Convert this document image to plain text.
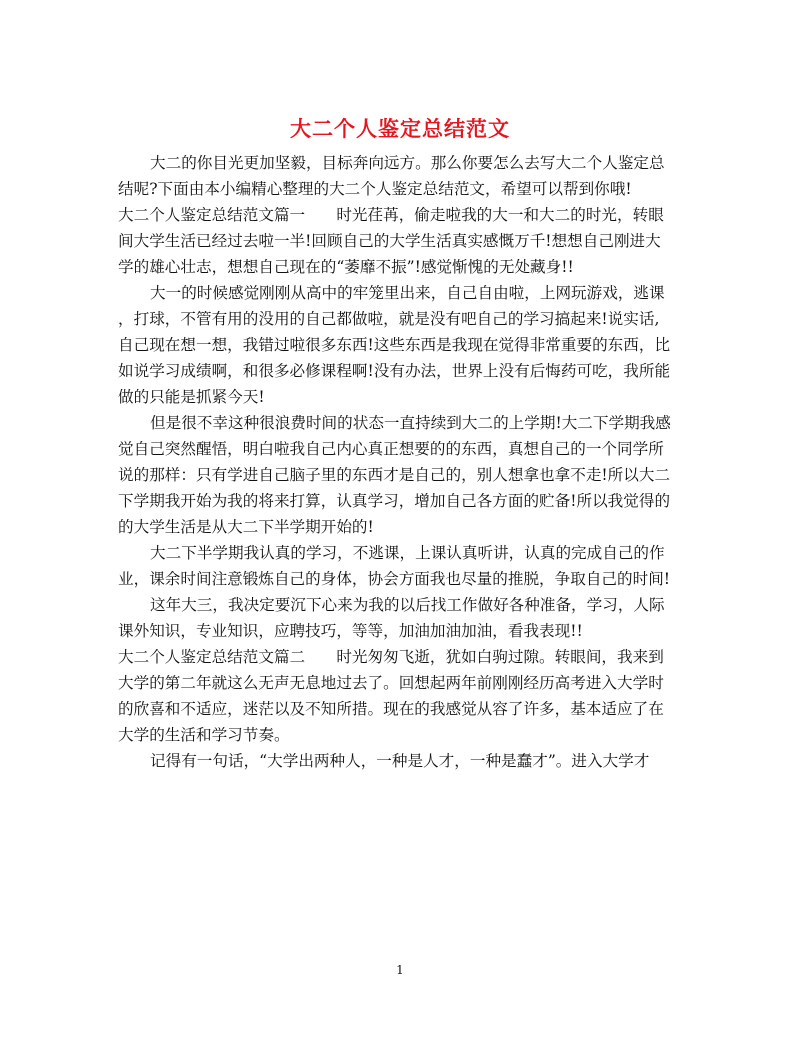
大二个人鉴定总结范文

大二的你目光更加坚毅，目标奔向远方。那么你要怎么去写大二个人鉴定总
结呢?下面由本小编精心整理的大二个人鉴定总结范文，希望可以帮到你哦!

大二个人鉴定总结范文篇一　　时光荏苒，偷走啦我的大一和大二的时光，转眼
间大学生活已经过去啦一半!回顾自己的大学生活真实感慨万千!想想自己刚进大
学的雄心壮志，想想自己现在的“萎靡不振”!感觉惭愧的无处藏身!!

大一的时候感觉刚刚从高中的牢笼里出来，自己自由啦，上网玩游戏，逃课
，打球，不管有用的没用的自己都做啦，就是没有吧自己的学习搞起来!说实话,
自己现在想一想，我错过啦很多东西!这些东西是我现在觉得非常重要的东西，比
如说学习成绩啊，和很多必修课程啊!没有办法，世界上没有后悔药可吃，我所能
做的只能是抓紧今天!

但是很不幸这种很浪费时间的状态一直持续到大二的上学期!大二下学期我感
觉自己突然醒悟，明白啦我自己内心真正想要的的东西，真想自己的一个同学所
说的那样：只有学进自己脑子里的东西才是自己的，别人想拿也拿不走!所以大二
下学期我开始为我的将来打算，认真学习，增加自己各方面的贮备!所以我觉得的
的大学生活是从大二下半学期开始的!

大二下半学期我认真的学习，不逃课，上课认真听讲，认真的完成自己的作
业，课余时间注意锻炼自己的身体，协会方面我也尽量的推脱，争取自己的时间!

这年大三，我决定要沉下心来为我的以后找工作做好各种准备，学习，人际
课外知识，专业知识，应聘技巧，等等，加油加油加油，看我表现!!

大二个人鉴定总结范文篇二　　时光匆匆飞逝，犹如白驹过隙。转眼间，我来到
大学的第二年就这么无声无息地过去了。回想起两年前刚刚经历高考进入大学时
的欣喜和不适应，迷茫以及不知所措。现在的我感觉从容了许多，基本适应了在
大学的生活和学习节奏。

记得有一句话，“大学出两种人，一种是人才，一种是蠢才”。进入大学才

1
